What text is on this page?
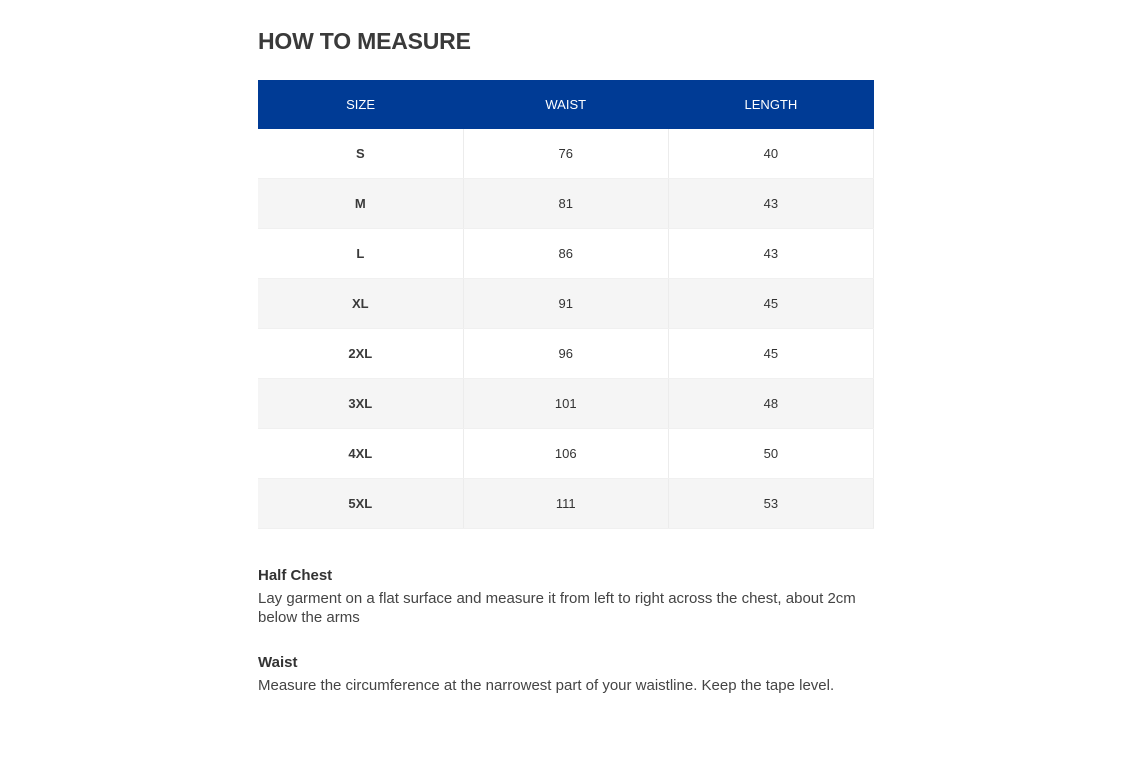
HOW TO MEASURE
SIZE	WAIST	LENGTH
S	76	40
M	81	43
L	86	43
XL	91	45
2XL	96	45
3XL	101	48
4XL	106	50
5XL	111	53

Half Chest

Lay garment on a flat surface and measure it from left to right across the chest, about 2cm below the arms

Waist

Measure the circumference at the narrowest part of your waistline. Keep the tape level.
